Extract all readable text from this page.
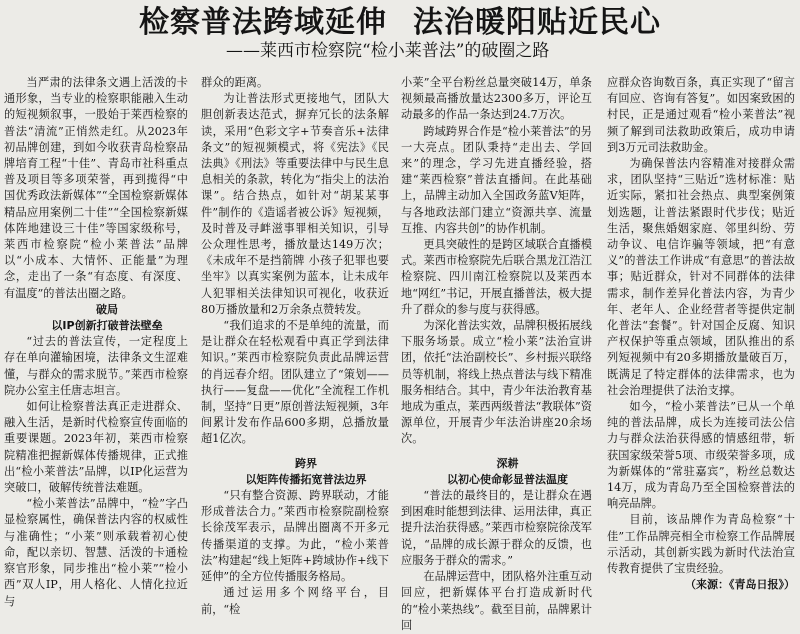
检察普法跨域延伸 法治暖阳贴近民心
——莱西市检察院“检小莱普法”的破圈之路

当严肃的法律条文遇上活泼的卡通形象，当专业的检察职能融入生动的短视频叙事，一股始于莱西检察的普法“清流”正悄然走红。从2023年初品牌创建，到如今收获青岛检察品牌培育工程“十佳”、青岛市社科重点普及项目等多项荣誉，再到揽得“中国优秀政法新媒体”“全国检察新媒体精品应用案例二十佳”“全国检察新媒体阵地建设三十佳”等国家级称号，莱西市检察院“检小莱普法”品牌以“小成本、大情怀、正能量”为理念，走出了一条“有态度、有深度、有温度”的普法出圈之路。

破局

以IP创新打破普法壁垒

“过去的普法宣传，一定程度上存在单向灌输困境，法律条文生涩难懂，与群众的需求脱节。”莱西市检察院办公室主任唐志坦言。

如何让检察普法真正走进群众、融入生活，是新时代检察宣传面临的重要课题。2023年初，莱西市检察院精准把握新媒体传播规律，正式推出“检小莱普法”品牌，以IP化运营为突破口，破解传统普法难题。

“检小莱普法”品牌中，“检”字凸显检察属性，确保普法内容的权威性与准确性；“小莱”则承载着初心使命，配以亲切、智慧、活泼的卡通检察官形象，同步推出“检小莱”“检小西”双人IP，用人格化、人情化拉近与

群众的距离。

为让普法形式更接地气，团队大胆创新表达范式，摒弃冗长的法条解读，采用“色彩文字+节奏音乐+法律条文”的短视频模式，将《宪法》《民法典》《刑法》等重要法律中与民生息息相关的条款，转化为“指尖上的法治课”。结合热点，如针对“胡某某事件”制作的《造谣者被公诉》短视频，及时普及寻衅滋事罪相关知识，引导公众理性思考，播放量达149万次；《未成年不是挡箭牌 小孩子犯罪也要坐牢》以真实案例为蓝本，让未成年人犯罪相关法律知识可视化，收获近80万播放量和2万余条点赞转发。

“我们追求的不是单纯的流量，而是让群众在轻松观看中真正学到法律知识。”莱西市检察院负责此品牌运营的肖远春介绍。团队建立了“策划——执行——复盘——优化”全流程工作机制，坚持“日更”原创普法短视频，3年间累计发布作品600多期，总播放量超1亿次。

跨界

以矩阵传播拓宽普法边界

“只有整合资源、跨界联动，才能形成普法合力。”莱西市检察院副检察长徐茂军表示，品牌出圈离不开多元传播渠道的支撑。为此，“检小莱普法”构建起“线上矩阵+跨域协作+线下延伸”的全方位传播服务格局。

通过运用多个网络平台，目前，“检

小莱”全平台粉丝总量突破14万，单条视频最高播放量达2300多万，评论互动最多的作品一条达到24.7万次。

跨域跨界合作是“检小莱普法”的另一大亮点。团队秉持“走出去、学回来”的理念，学习先进直播经验，搭建“莱西检察”普法直播间。在此基础上，品牌主动加入全国政务蓝V矩阵，与各地政法部门建立“资源共享、流量互推、内容共创”的协作机制。

更具突破性的是跨区域联合直播模式。莱西市检察院先后联合黑龙江浩江检察院、四川南江检察院以及莱西本地“网红”书记，开展直播普法，极大提升了群众的参与度与获得感。

为深化普法实效，品牌积极拓展线下服务场景。成立“检小莱”法治宣讲团，依托“法治副校长”、乡村振兴联络员等机制，将线上热点普法与线下精准服务相结合。其中，青少年法治教育基地成为重点，莱西两级普法“教联体”资源单位，开展青少年法治讲座20余场次。

深耕

以初心使命彰显普法温度

“普法的最终目的，是让群众在遇到困难时能想到法律、运用法律，真正提升法治获得感。”莱西市检察院徐茂军说，“品牌的成长源于群众的反馈，也应服务于群众的需求。”

在品牌运营中，团队格外注重互动回应，把新媒体平台打造成新时代的“检小莱热线”。截至目前，品牌累计回

应群众咨询数百条，真正实现了“留言有回应、咨询有答复”。如因案致困的村民，正是通过观看“检小莱普法”视频了解到司法救助政策后，成功申请到3万元司法救助金。

为确保普法内容精准对接群众需求，团队坚持“三贴近”选材标准：贴近实际，紧扣社会热点、典型案例策划选题，让普法紧跟时代步伐；贴近生活，聚焦婚姻家庭、邻里纠纷、劳动争议、电信诈骗等领域，把“有意义”的普法工作讲成“有意思”的普法故事；贴近群众，针对不同群体的法律需求，制作差异化普法内容，为青少年、老年人、企业经营者等提供定制化普法“套餐”。针对国企反腐、知识产权保护等重点领域，团队推出的系列短视频中有20多期播放量破百万，既满足了特定群体的法律需求，也为社会治理提供了法治支撑。

如今，“检小莱普法”已从一个单纯的普法品牌，成长为连接司法公信力与群众法治获得感的情感纽带，斩获国家级荣誉5项、市级荣誉多项，成为新媒体的“常驻嘉宾”，粉丝总数达14万，成为青岛乃至全国检察普法的响亮品牌。

目前，该品牌作为青岛检察“十佳”工作品牌亮相全市检察工作品牌展示活动，其创新实践为新时代法治宣传教育提供了宝贵经验。

（来源：《青岛日报》）
